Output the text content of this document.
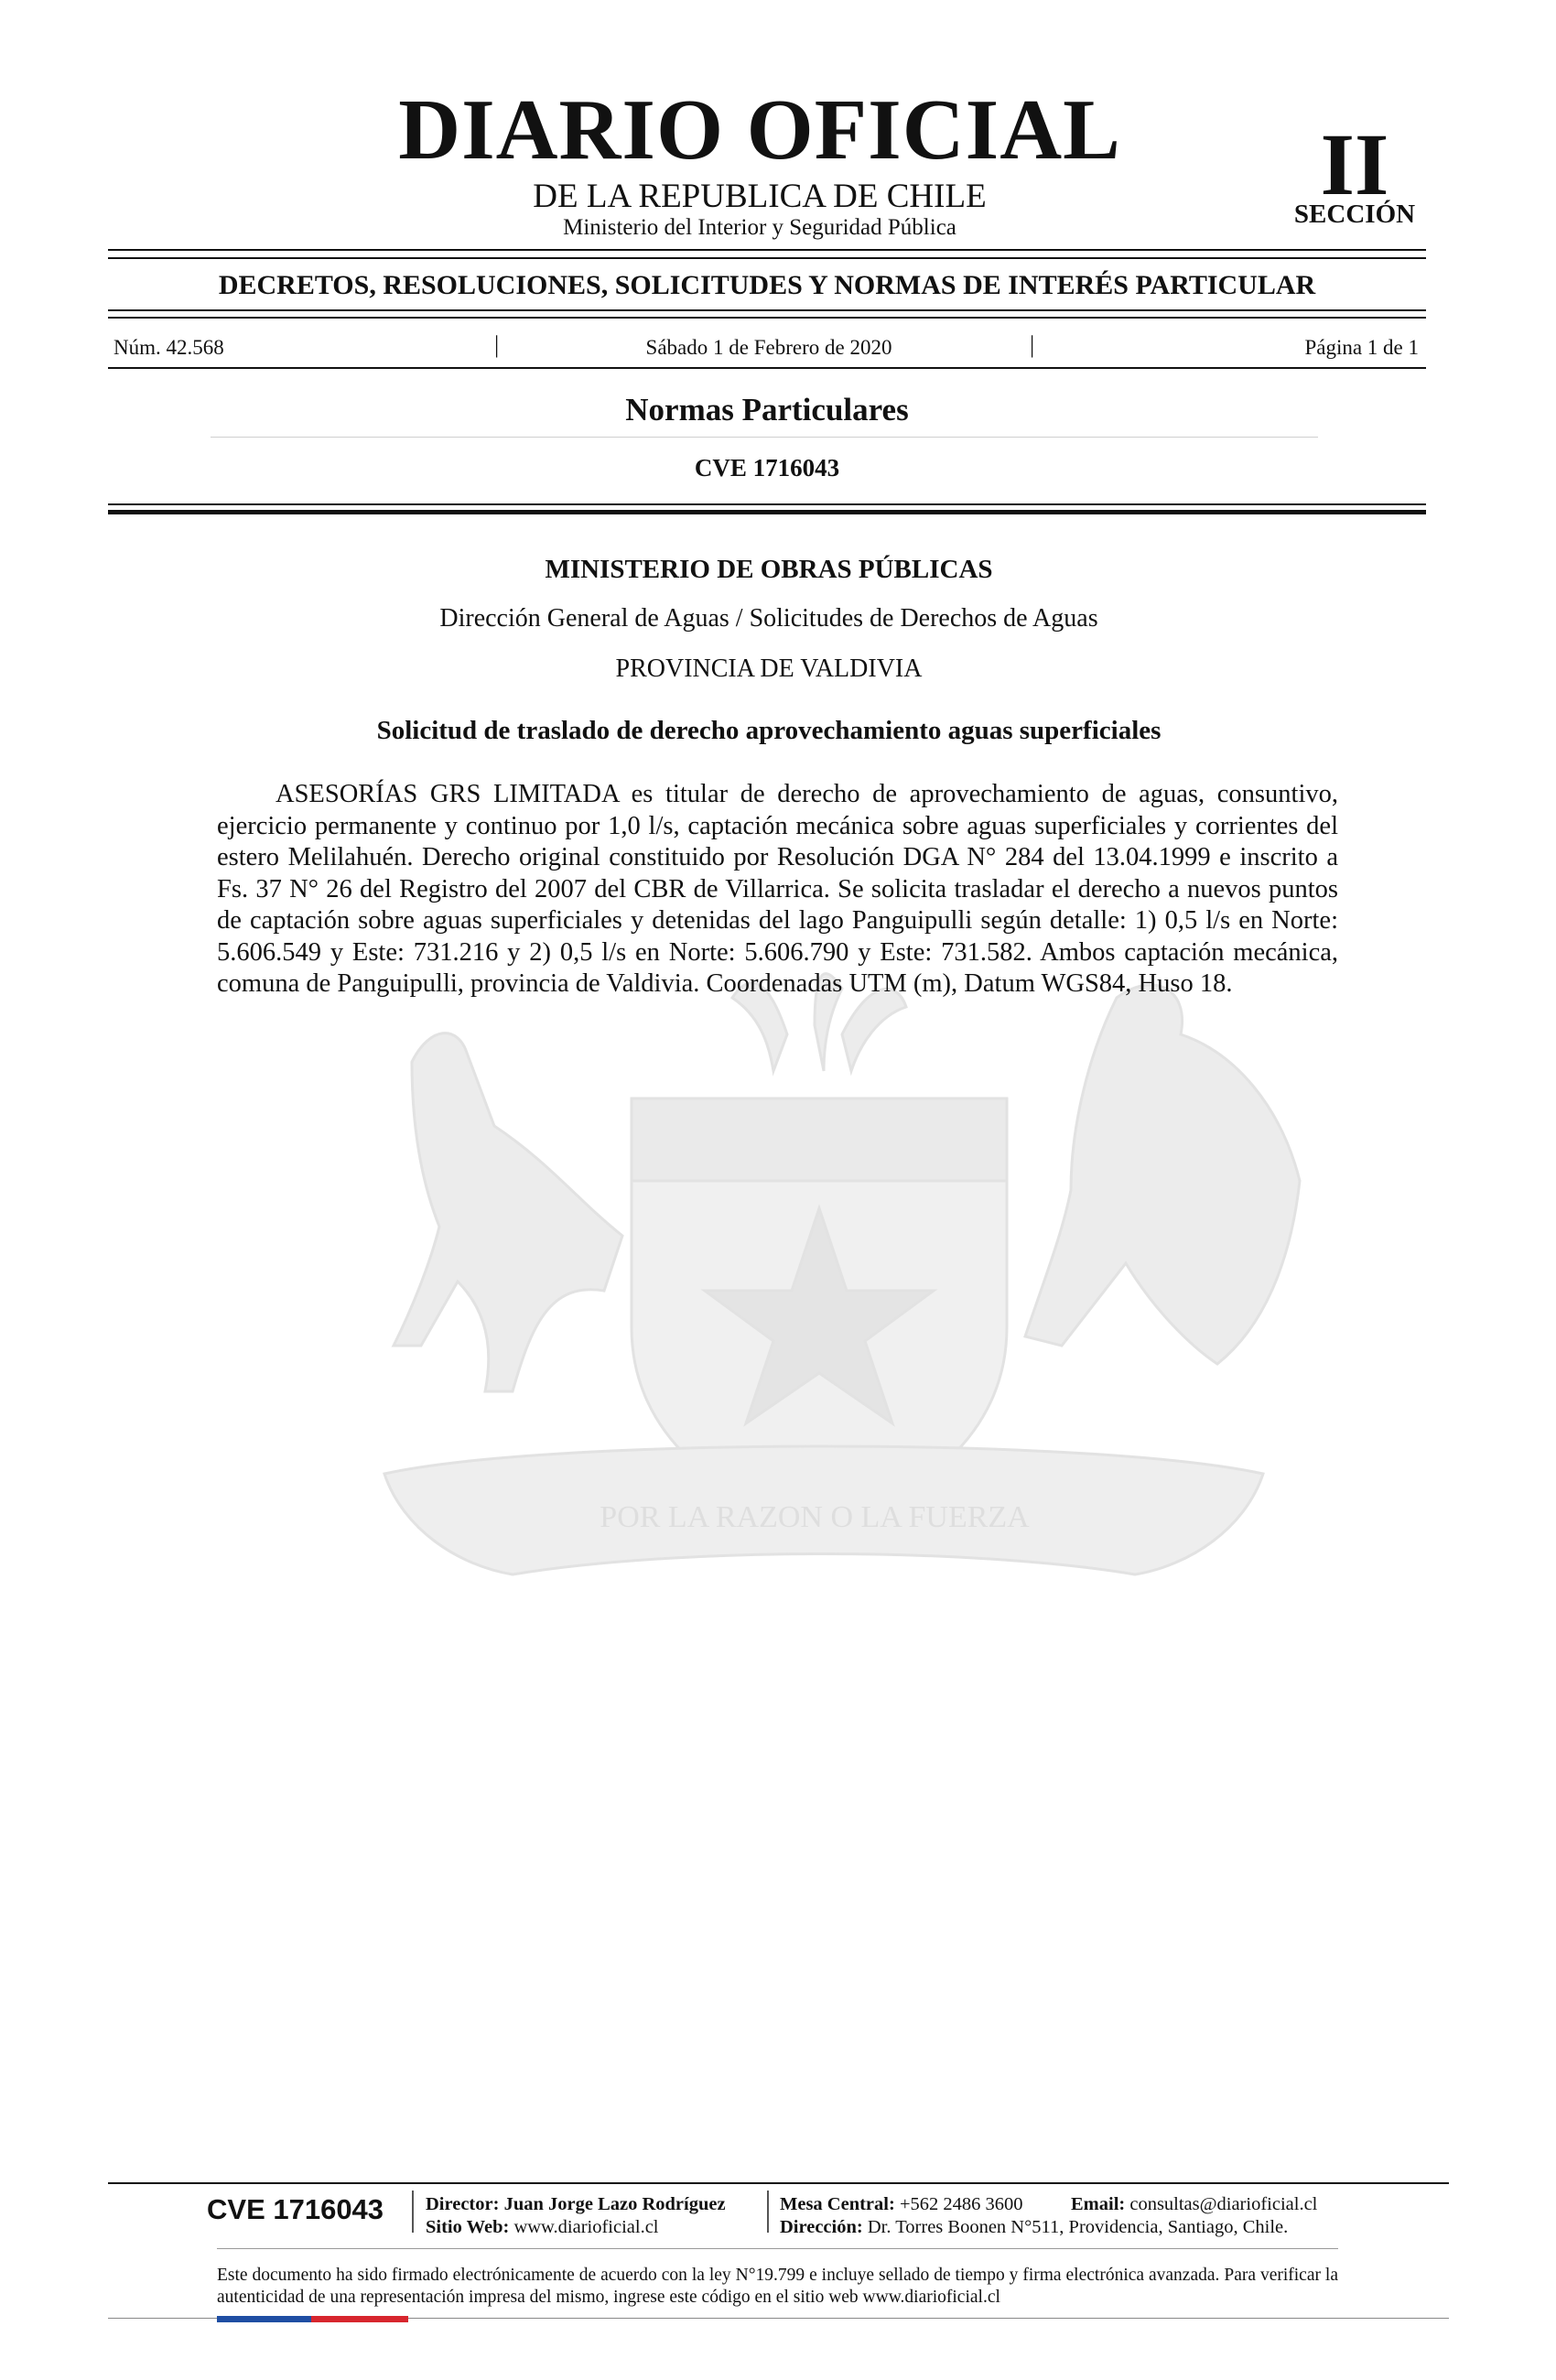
POR LA RAZON O LA FUERZA
DIARIO OFICIAL
DE LA REPUBLICA DE CHILE
Ministerio del Interior y Seguridad Pública
II
SECCIÓN
DECRETOS, RESOLUCIONES, SOLICITUDES Y NORMAS DE INTERÉS PARTICULAR
Núm. 42.568	|	Sábado 1 de Febrero de 2020	|	Página 1 de 1
Normas Particulares
CVE 1716043
MINISTERIO DE OBRAS PÚBLICAS
Dirección General de Aguas / Solicitudes de Derechos de Aguas
PROVINCIA DE VALDIVIA
Solicitud de traslado de derecho aprovechamiento aguas superficiales

ASESORÍAS GRS LIMITADA es titular de derecho de aprovechamiento de aguas, consuntivo, ejercicio permanente y continuo por 1,0 l/s, captación mecánica sobre aguas superficiales y corrientes del estero Melilahuén. Derecho original constituido por Resolución DGA N° 284 del 13.04.1999 e inscrito a Fs. 37 N° 26 del Registro del 2007 del CBR de Villarrica. Se solicita trasladar el derecho a nuevos puntos de captación sobre aguas superficiales y detenidas del lago Panguipulli según detalle: 1) 0,5 l/s en Norte: 5.606.549 y Este: 731.216 y 2) 0,5 l/s en Norte: 5.606.790 y Este: 731.582. Ambos captación mecánica, comuna de Panguipulli, provincia de Valdivia. Coordenadas UTM (m), Datum WGS84, Huso 18.

CVE 1716043 Director: Juan Jorge Lazo Rodríguez
Sitio Web: www.diarioficial.cl
Mesa Central: +562 2486 3600	Email: consultas@diarioficial.cl
Dirección: Dr. Torres Boonen N°511, Providencia, Santiago, Chile.

Este documento ha sido firmado electrónicamente de acuerdo con la ley N°19.799 e incluye sellado de tiempo y firma electrónica avanzada. Para verificar la autenticidad de una representación impresa del mismo, ingrese este código en el sitio web www.diarioficial.cl
